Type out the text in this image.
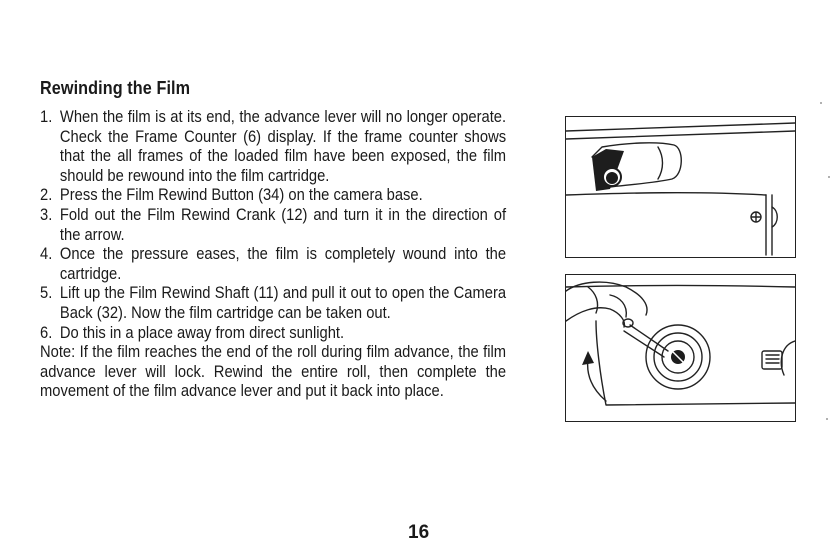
Rewinding the Film
1. When the film is at its end, the advance lever will no longer operate. Check the Frame Counter (6) display. If the frame counter shows that the all frames of the loaded film have been exposed, the film should be rewound into the film cartridge.
2. Press the Film Rewind Button (34) on the camera base.
3. Fold out the Film Rewind Crank (12) and turn it in the direction of the arrow.
4. Once the pressure eases, the film is completely wound into the cartridge.
5. Lift up the Film Rewind Shaft (11) and pull it out to open the Camera Back (32). Now the film cartridge can be taken out.
6. Do this in a place away from direct sunlight.
Note: If the film reaches the end of the roll during film advance, the film advance lever will lock. Rewind the entire roll, then complete the movement of the film advance lever and put it back into place.
16
